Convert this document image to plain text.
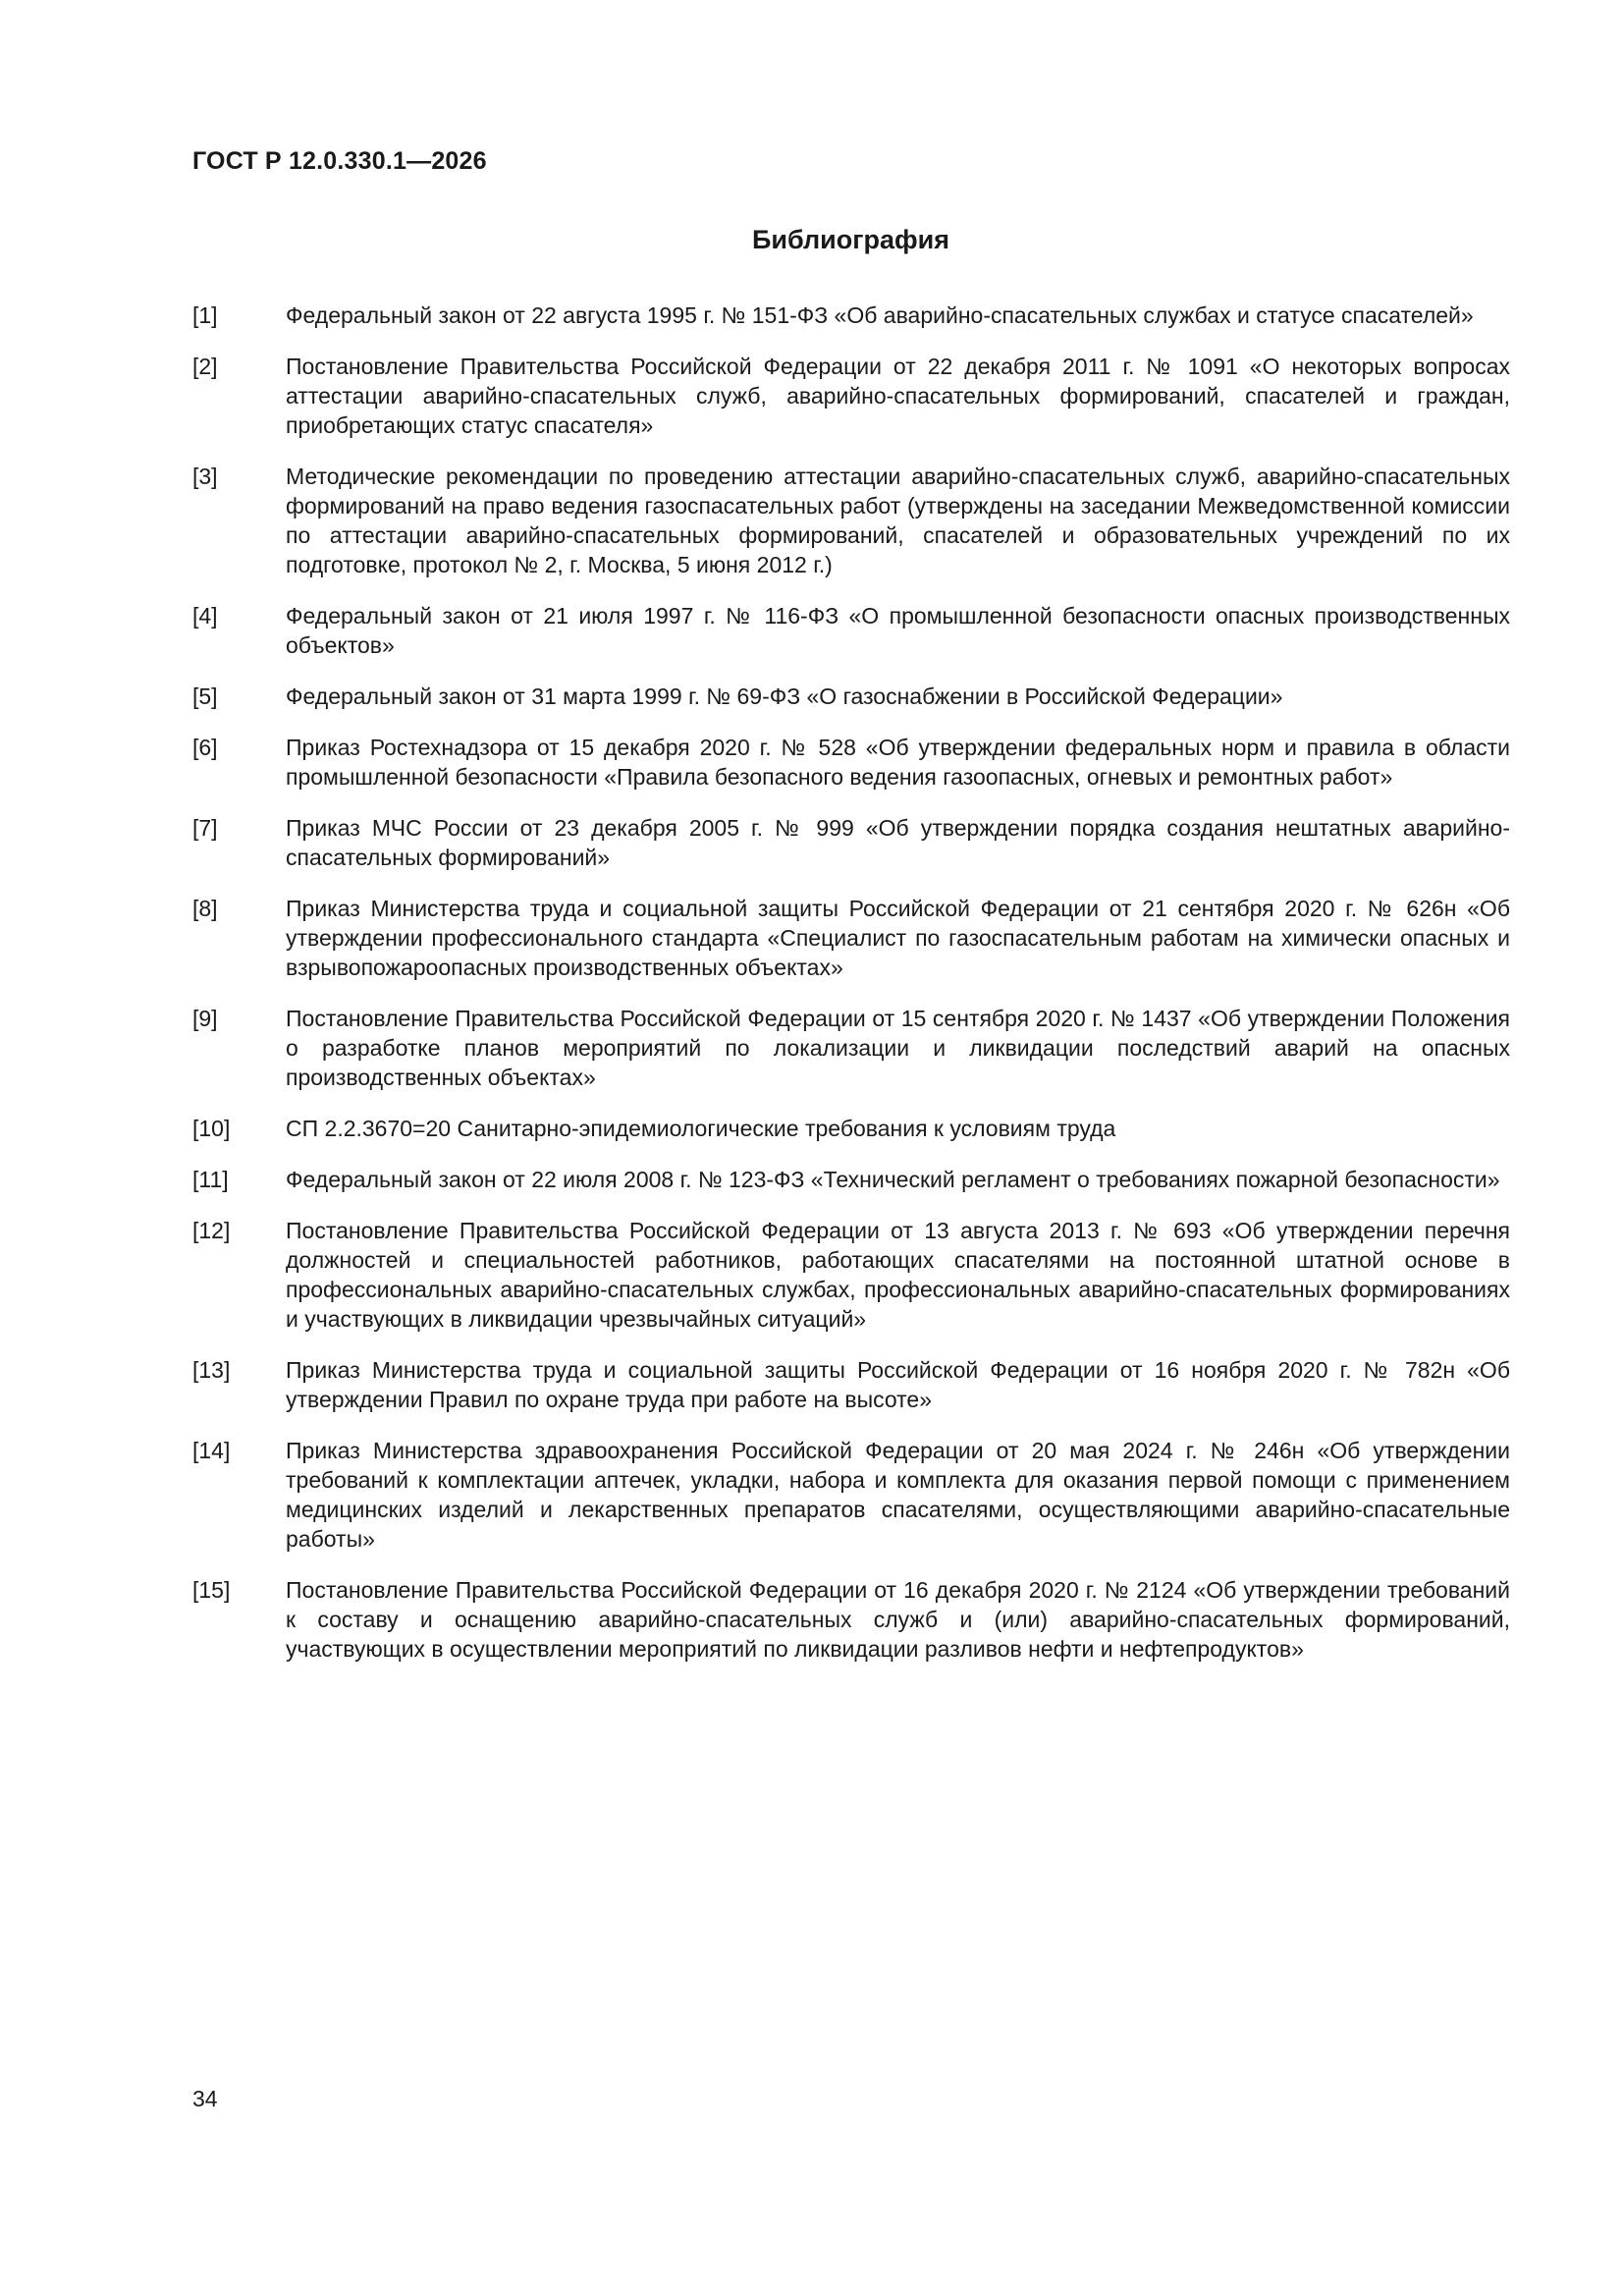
ГОСТ Р 12.0.330.1—2026
Библиография
[1]	Федеральный закон от 22 августа 1995 г. № 151-ФЗ «Об аварийно-спасательных службах и статусе спасателей»
[2]	Постановление Правительства Российской Федерации от 22 декабря 2011 г. № 1091 «О некоторых вопросах аттестации аварийно-спасательных служб, аварийно-спасательных формирований, спасателей и граждан, приобретающих статус спасателя»
[3]	Методические рекомендации по проведению аттестации аварийно-спасательных служб, аварийно-спасательных формирований на право ведения газоспасательных работ (утверждены на заседании Межведомственной комиссии по аттестации аварийно-спасательных формирований, спасателей и образовательных учреждений по их подготовке, протокол № 2, г. Москва, 5 июня 2012 г.)
[4]	Федеральный закон от 21 июля 1997 г. № 116-ФЗ «О промышленной безопасности опасных производственных объектов»
[5]	Федеральный закон от 31 марта 1999 г. № 69-ФЗ «О газоснабжении в Российской Федерации»
[6]	Приказ Ростехнадзора от 15 декабря 2020 г. № 528 «Об утверждении федеральных норм и правила в области промышленной безопасности «Правила безопасного ведения газоопасных, огневых и ремонтных работ»
[7]	Приказ МЧС России от 23 декабря 2005 г. № 999 «Об утверждении порядка создания нештатных аварийно-спасательных формирований»
[8]	Приказ Министерства труда и социальной защиты Российской Федерации от 21 сентября 2020 г. № 626н «Об утверждении профессионального стандарта «Специалист по газоспасательным работам на химически опасных и взрывопожароопасных производственных объектах»
[9]	Постановление Правительства Российской Федерации от 15 сентября 2020 г. № 1437 «Об утверждении Положения о разработке планов мероприятий по локализации и ликвидации последствий аварий на опасных производственных объектах»
[10]	СП 2.2.3670=20 Санитарно-эпидемиологические требования к условиям труда
[11]	Федеральный закон от 22 июля 2008 г. № 123-ФЗ «Технический регламент о требованиях пожарной безопасности»
[12]	Постановление Правительства Российской Федерации от 13 августа 2013 г. № 693 «Об утверждении перечня должностей и специальностей работников, работающих спасателями на постоянной штатной основе в профессиональных аварийно-спасательных службах, профессиональных аварийно-спасательных формированиях и участвующих в ликвидации чрезвычайных ситуаций»
[13]	Приказ Министерства труда и социальной защиты Российской Федерации от 16 ноября 2020 г. № 782н «Об утверждении Правил по охране труда при работе на высоте»
[14]	Приказ Министерства здравоохранения Российской Федерации от 20 мая 2024 г. № 246н «Об утверждении требований к комплектации аптечек, укладки, набора и комплекта для оказания первой помощи с применением медицинских изделий и лекарственных препаратов спасателями, осуществляющими аварийно-спасательные работы»
[15]	Постановление Правительства Российской Федерации от 16 декабря 2020 г. № 2124 «Об утверждении требований к составу и оснащению аварийно-спасательных служб и (или) аварийно-спасательных формирований, участвующих в осуществлении мероприятий по ликвидации разливов нефти и нефтепродуктов»
34
